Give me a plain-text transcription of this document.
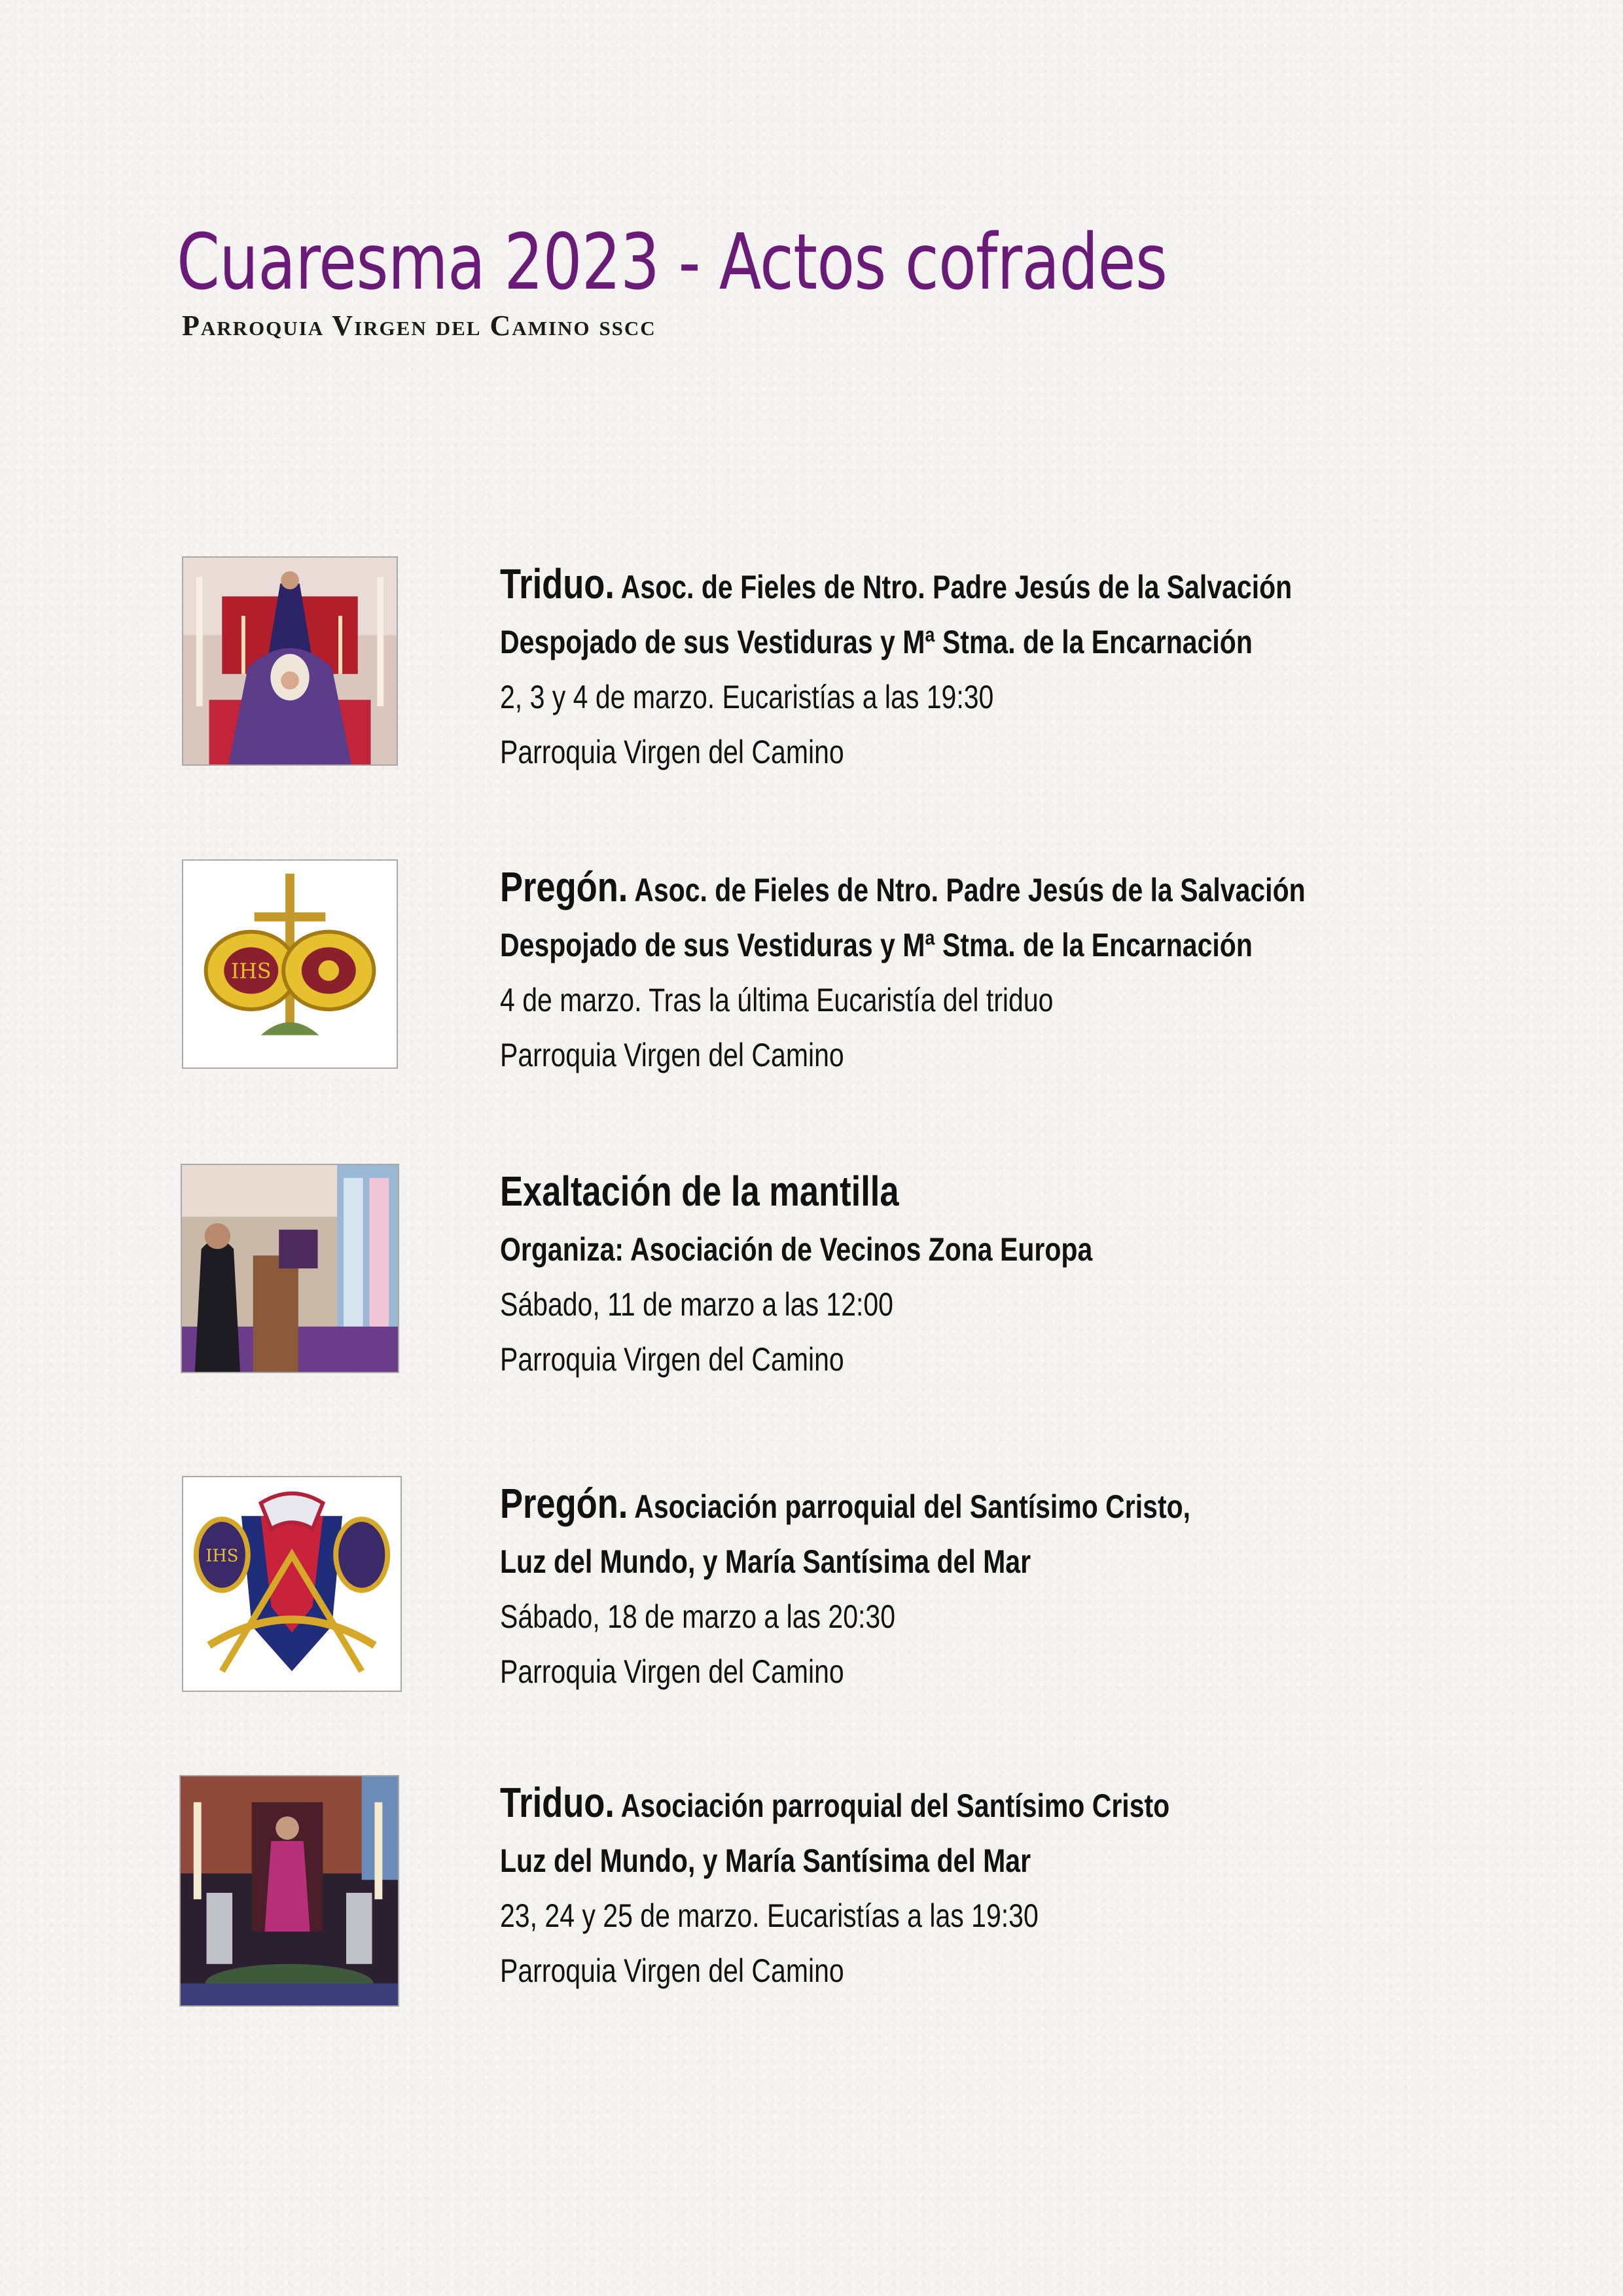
Cuaresma 2023 - Actos cofrades
Parroquia Virgen del Camino sscc
Triduo. Asoc. de Fieles de Ntro. Padre Jesús de la Salvación
Despojado de sus Vestiduras y Mª Stma. de la Encarnación
2, 3 y 4 de marzo. Eucaristías a las 19:30
Parroquia Virgen del Camino
IHS
Pregón. Asoc. de Fieles de Ntro. Padre Jesús de la Salvación
Despojado de sus Vestiduras y Mª Stma. de la Encarnación
4 de marzo. Tras la última Eucaristía del triduo
Parroquia Virgen del Camino
Exaltación de la mantilla
Organiza: Asociación de Vecinos Zona Europa
Sábado, 11 de marzo a las 12:00
Parroquia Virgen del Camino
IHS
Pregón. Asociación parroquial del Santísimo Cristo,
Luz del Mundo, y María Santísima del Mar
Sábado, 18 de marzo a las 20:30
Parroquia Virgen del Camino
Triduo. Asociación parroquial del Santísimo Cristo
Luz del Mundo, y María Santísima del Mar
23, 24 y 25 de marzo. Eucaristías a las 19:30
Parroquia Virgen del Camino
